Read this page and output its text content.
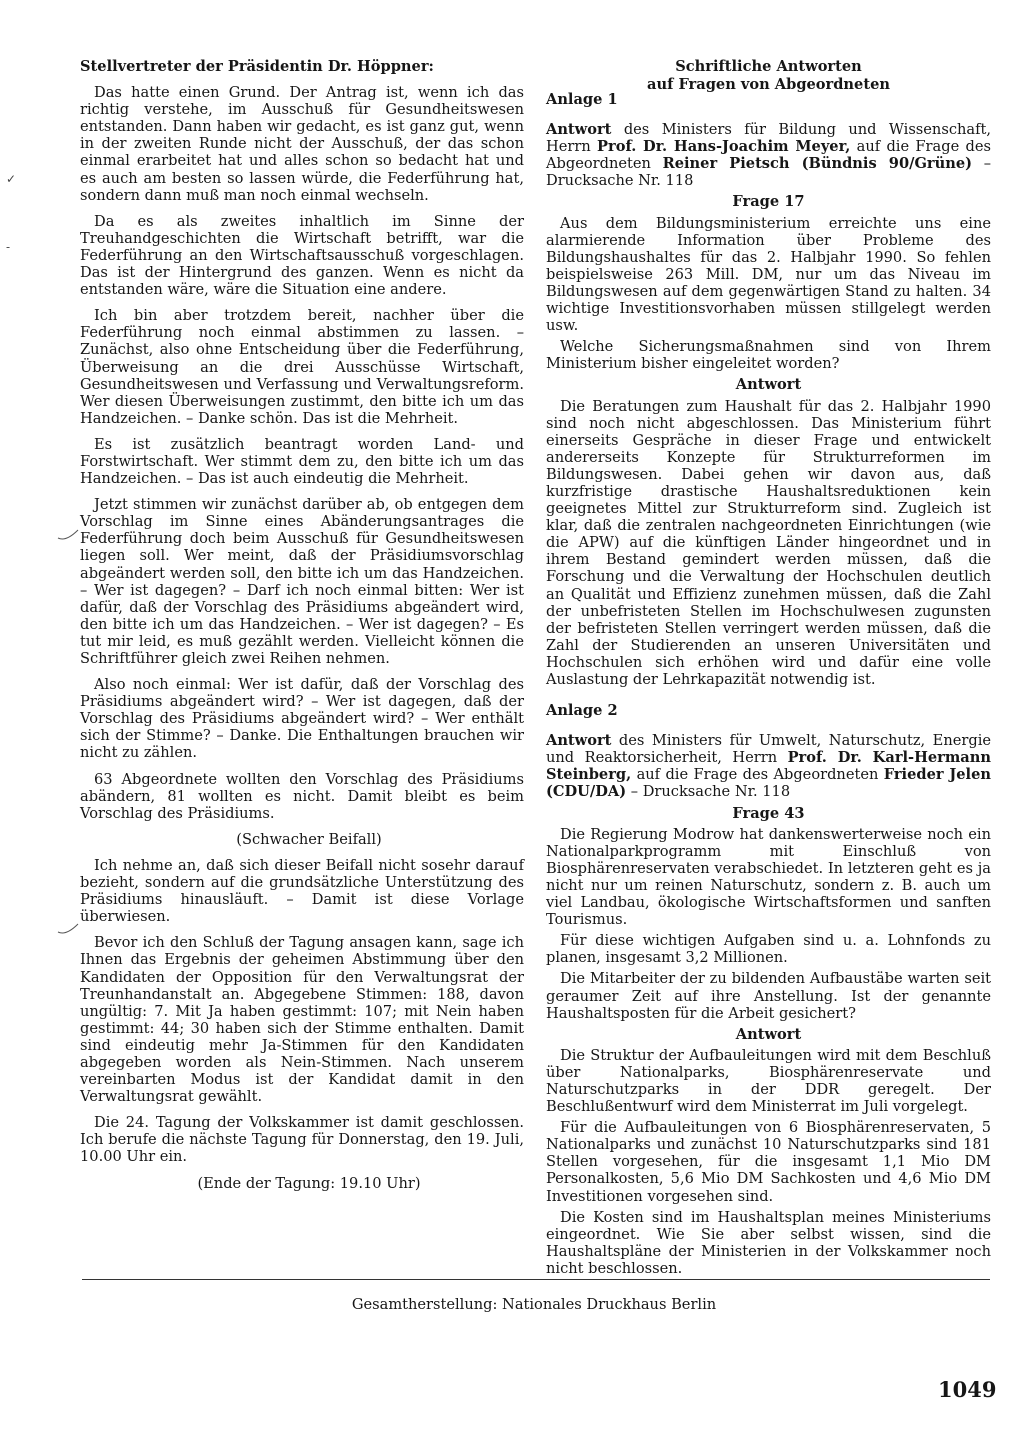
Stellvertreter der Präsidentin Dr. Höppner:

Das hatte einen Grund. Der Antrag ist, wenn ich das richtig verstehe, im Ausschuß für Gesundheitswesen entstanden. Dann haben wir gedacht, es ist ganz gut, wenn in der zweiten Runde nicht der Ausschuß, der das schon einmal erarbeitet hat und alles schon so bedacht hat und es auch am besten so lassen würde, die Federführung hat, sondern dann muß man noch einmal wechseln.

Da es als zweites inhaltlich im Sinne der Treuhandgeschichten die Wirtschaft betrifft, war die Federführung an den Wirtschaftsausschuß vorgeschlagen. Das ist der Hintergrund des ganzen. Wenn es nicht da entstanden wäre, wäre die Situation eine andere.

Ich bin aber trotzdem bereit, nachher über die Federführung noch einmal abstimmen zu lassen. – Zunächst, also ohne Entscheidung über die Federführung, Überweisung an die drei Ausschüsse Wirtschaft, Gesundheitswesen und Verfassung und Verwaltungsreform. Wer diesen Überweisungen zustimmt, den bitte ich um das Handzeichen. – Danke schön. Das ist die Mehrheit.

Es ist zusätzlich beantragt worden Land- und Forstwirtschaft. Wer stimmt dem zu, den bitte ich um das Handzeichen. – Das ist auch eindeutig die Mehrheit.

Jetzt stimmen wir zunächst darüber ab, ob entgegen dem Vorschlag im Sinne eines Abänderungsantrages die Federführung doch beim Ausschuß für Gesundheitswesen liegen soll. Wer meint, daß der Präsidiumsvorschlag abgeändert werden soll, den bitte ich um das Handzeichen. – Wer ist dagegen? – Darf ich noch einmal bitten: Wer ist dafür, daß der Vorschlag des Präsidiums abgeändert wird, den bitte ich um das Handzeichen. – Wer ist dagegen? – Es tut mir leid, es muß gezählt werden. Vielleicht können die Schriftführer gleich zwei Reihen nehmen.

Also noch einmal: Wer ist dafür, daß der Vorschlag des Präsidiums abgeändert wird? – Wer ist dagegen, daß der Vorschlag des Präsidiums abgeändert wird? – Wer enthält sich der Stimme? – Danke. Die Enthaltungen brauchen wir nicht zu zählen.

63 Abgeordnete wollten den Vorschlag des Präsidiums abändern, 81 wollten es nicht. Damit bleibt es beim Vorschlag des Präsidiums.

(Schwacher Beifall)

Ich nehme an, daß sich dieser Beifall nicht sosehr darauf bezieht, sondern auf die grundsätzliche Unterstützung des Präsidiums hinausläuft. – Damit ist diese Vorlage überwiesen.

Bevor ich den Schluß der Tagung ansagen kann, sage ich Ihnen das Ergebnis der geheimen Abstimmung über den Kandidaten der Opposition für den Verwaltungsrat der Treunhandanstalt an. Abgegebene Stimmen: 188, davon ungültig: 7. Mit Ja haben gestimmt: 107; mit Nein haben gestimmt: 44; 30 haben sich der Stimme enthalten. Damit sind eindeutig mehr Ja-Stimmen für den Kandidaten abgegeben worden als Nein-Stimmen. Nach unserem vereinbarten Modus ist der Kandidat damit in den Verwaltungsrat gewählt.

Die 24. Tagung der Volkskammer ist damit geschlossen. Ich berufe die nächste Tagung für Donnerstag, den 19. Juli, 10.00 Uhr ein.

(Ende der Tagung: 19.10 Uhr)

Schriftliche Antworten
auf Fragen von Abgeordneten
Anlage 1

Antwort des Ministers für Bildung und Wissenschaft, Herrn Prof. Dr. Hans-Joachim Meyer, auf die Frage des Abgeordneten Reiner Pietsch (Bündnis 90/Grüne) – Drucksache Nr. 118

Frage 17

Aus dem Bildungsministerium erreichte uns eine alarmierende Information über Probleme des Bildungshaushaltes für das 2. Halbjahr 1990. So fehlen beispielsweise 263 Mill. DM, nur um das Niveau im Bildungswesen auf dem gegenwärtigen Stand zu halten. 34 wichtige Investitionsvorhaben müssen stillgelegt werden usw.

Welche Sicherungsmaßnahmen sind von Ihrem Ministerium bisher eingeleitet worden?

Antwort

Die Beratungen zum Haushalt für das 2. Halbjahr 1990 sind noch nicht abgeschlossen. Das Ministerium führt einerseits Gespräche in dieser Frage und entwickelt andererseits Konzepte für Strukturreformen im Bildungswesen. Dabei gehen wir davon aus, daß kurzfristige drastische Haushaltsreduktionen kein geeignetes Mittel zur Strukturreform sind. Zugleich ist klar, daß die zentralen nachgeordneten Einrichtungen (wie die APW) auf die künftigen Länder hingeordnet und in ihrem Bestand gemindert werden müssen, daß die Forschung und die Verwaltung der Hochschulen deutlich an Qualität und Effizienz zunehmen müssen, daß die Zahl der unbefristeten Stellen im Hochschulwesen zugunsten der befristeten Stellen verringert werden müssen, daß die Zahl der Studierenden an unseren Universitäten und Hochschulen sich erhöhen wird und dafür eine volle Auslastung der Lehrkapazität notwendig ist.

Anlage 2

Antwort des Ministers für Umwelt, Naturschutz, Energie und Reaktorsicherheit, Herrn Prof. Dr. Karl-Hermann Steinberg, auf die Frage des Abgeordneten Frieder Jelen (CDU/DA) – Drucksache Nr. 118

Frage 43

Die Regierung Modrow hat dankenswerterweise noch ein Nationalparkprogramm mit Einschluß von Biosphärenreservaten verabschiedet. In letzteren geht es ja nicht nur um reinen Naturschutz, sondern z. B. auch um viel Landbau, ökologische Wirtschaftsformen und sanften Tourismus.

Für diese wichtigen Aufgaben sind u. a. Lohnfonds zu planen, insgesamt 3,2 Millionen.

Die Mitarbeiter der zu bildenden Aufbaustäbe warten seit geraumer Zeit auf ihre Anstellung. Ist der genannte Haushaltsposten für die Arbeit gesichert?

Antwort

Die Struktur der Aufbauleitungen wird mit dem Beschluß über Nationalparks, Biosphärenreservate und Naturschutzparks in der DDR geregelt. Der Beschlußentwurf wird dem Ministerrat im Juli vorgelegt.

Für die Aufbauleitungen von 6 Biosphärenreservaten, 5 Nationalparks und zunächst 10 Naturschutzparks sind 181 Stellen vorgesehen, für die insgesamt 1,1 Mio DM Personalkosten, 5,6 Mio DM Sachkosten und 4,6 Mio DM Investitionen vorgesehen sind.

Die Kosten sind im Haushaltsplan meines Ministeriums eingeordnet. Wie Sie aber selbst wissen, sind die Haushaltspläne der Ministerien in der Volkskammer noch nicht beschlossen.

✓
-
Gesamtherstellung: Nationales Druckhaus Berlin
1049
